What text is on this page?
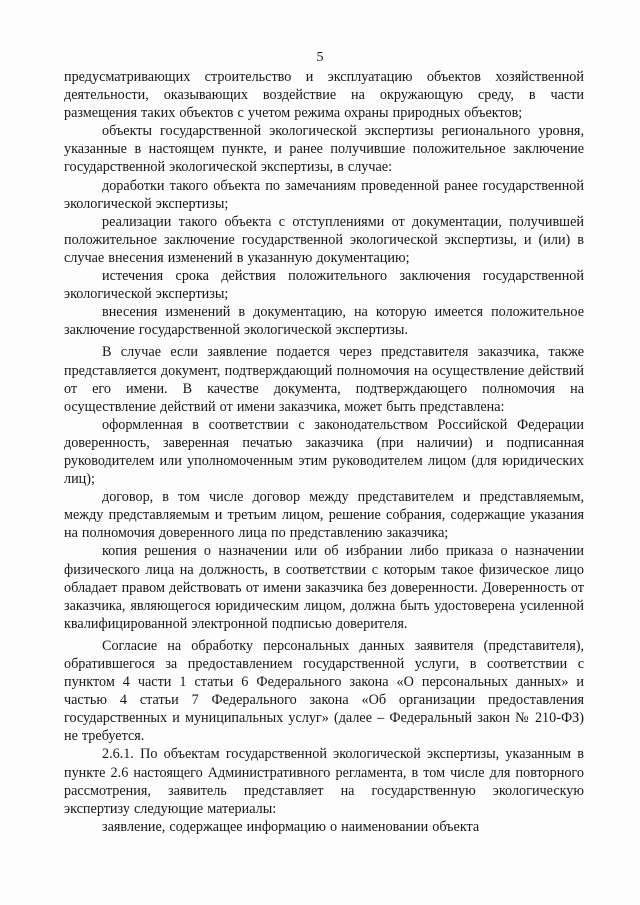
5

предусматривающих строительство и эксплуатацию объектов хозяйственной деятельности, оказывающих воздействие на окружающую среду, в части размещения таких объектов с учетом режима охраны природных объектов;

объекты государственной экологической экспертизы регионального уровня, указанные в настоящем пункте, и ранее получившие положительное заключение государственной экологической экспертизы, в случае:

доработки такого объекта по замечаниям проведенной ранее государственной экологической экспертизы;

реализации такого объекта с отступлениями от документации, получившей положительное заключение государственной экологической экспертизы, и (или) в случае внесения изменений в указанную документацию;

истечения срока действия положительного заключения государственной экологической экспертизы;

внесения изменений в документацию, на которую имеется положительное заключение государственной экологической экспертизы.

В случае если заявление подается через представителя заказчика, также представляется документ, подтверждающий полномочия на осуществление действий от его имени. В качестве документа, подтверждающего полномочия на осуществление действий от имени заказчика, может быть представлена:

оформленная в соответствии с законодательством Российской Федерации доверенность, заверенная печатью заказчика (при наличии) и подписанная руководителем или уполномоченным этим руководителем лицом (для юридических лиц);

договор, в том числе договор между представителем и представляемым, между представляемым и третьим лицом, решение собрания, содержащие указания на полномочия доверенного лица по представлению заказчика;

копия решения о назначении или об избрании либо приказа о назначении физического лица на должность, в соответствии с которым такое физическое лицо обладает правом действовать от имени заказчика без доверенности. Доверенность от заказчика, являющегося юридическим лицом, должна быть удостоверена усиленной квалифицированной электронной подписью доверителя.

Согласие на обработку персональных данных заявителя (представителя), обратившегося за предоставлением государственной услуги, в соответствии с пунктом 4 части 1 статьи 6 Федерального закона «О персональных данных» и частью 4 статьи 7 Федерального закона «Об организации предоставления государственных и муниципальных услуг» (далее – Федеральный закон № 210-ФЗ) не требуется.

2.6.1. По объектам государственной экологической экспертизы, указанным в пункте 2.6 настоящего Административного регламента, в том числе для повторного рассмотрения, заявитель представляет на государственную экологическую экспертизу следующие материалы:

заявление, содержащее информацию о наименовании объекта
